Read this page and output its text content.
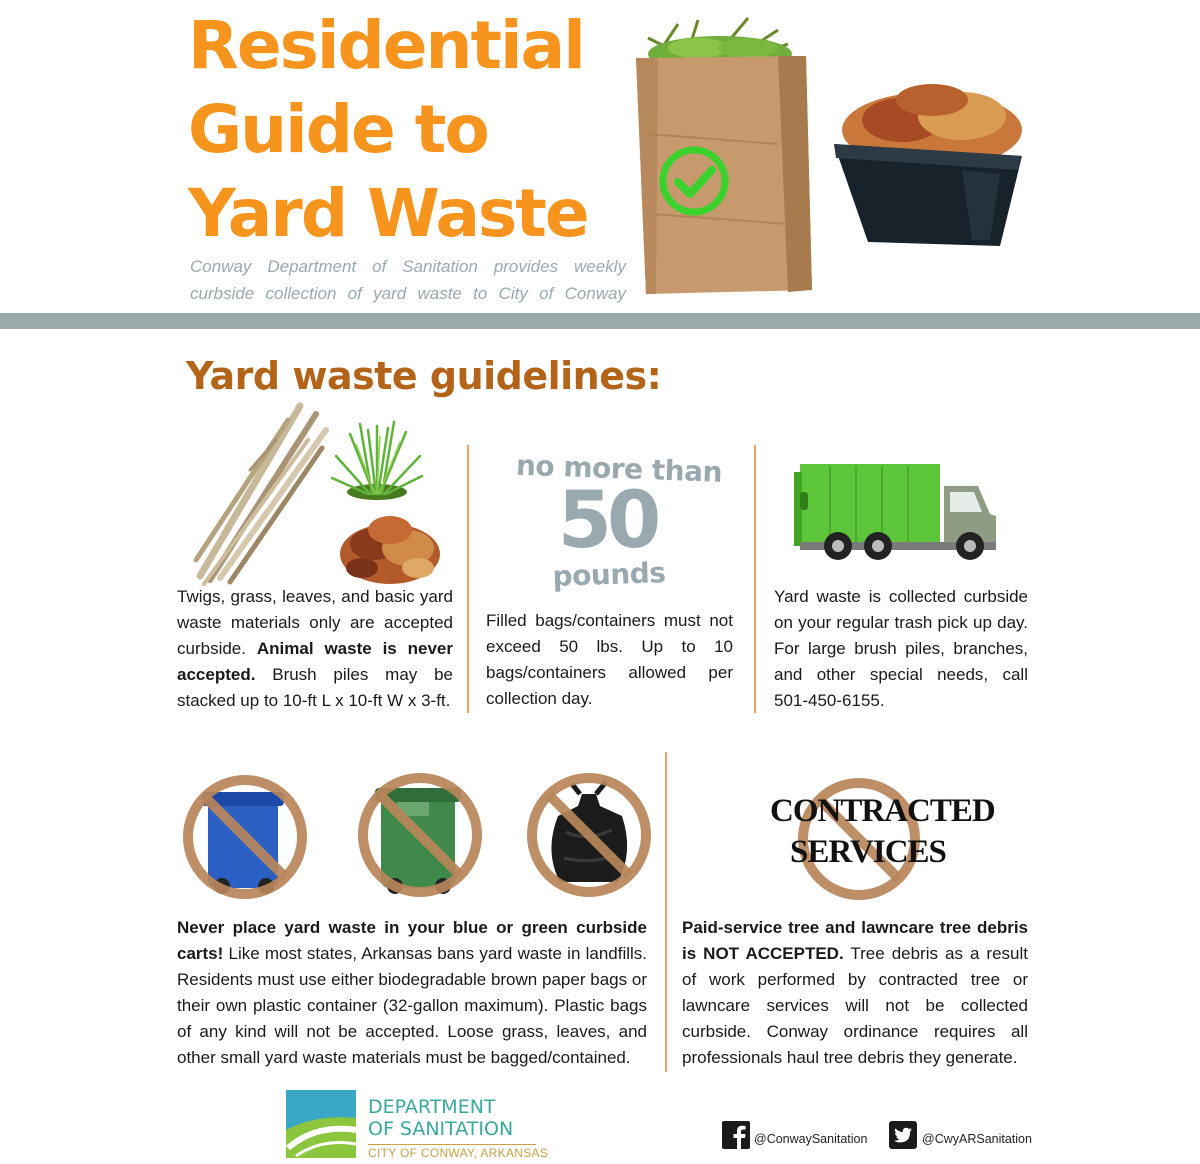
Residential
Guide to
Yard Waste
Conway Department of Sanitation provides weekly curbside collection of yard waste to City of Conway
Yard waste guidelines:
Twigs, grass, leaves, and basic yard waste materials only are accepted curbside. Animal waste is never accepted. Brush piles may be stacked up to 10-ft L x 10-ft W x 3-ft.
no more than
50
pounds
Filled bags/containers must not exceed 50 lbs. Up to 10 bags/containers allowed per collection day.
Yard waste is collected curbside on your regular trash pick up day. For large brush piles, branches, and other special needs, call 501-450-6155.
Never place yard waste in your blue or green curbside carts! Like most states, Arkansas bans yard waste in landfills. Residents must use either biodegradable brown paper bags or their own plastic container (32-gallon maximum). Plastic bags of any kind will not be accepted. Loose grass, leaves, and other small yard waste materials must be bagged/contained.
CONTRACTED
SERVICES
Paid-service tree and lawncare tree debris is NOT ACCEPTED. Tree debris as a result of work performed by contracted tree or lawncare services will not be collected curbside. Conway ordinance requires all professionals haul tree debris they generate.
DEPARTMENT
OF SANITATION
CITY OF CONWAY, ARKANSAS
@ConwaySanitation	@CwyARSanitation
